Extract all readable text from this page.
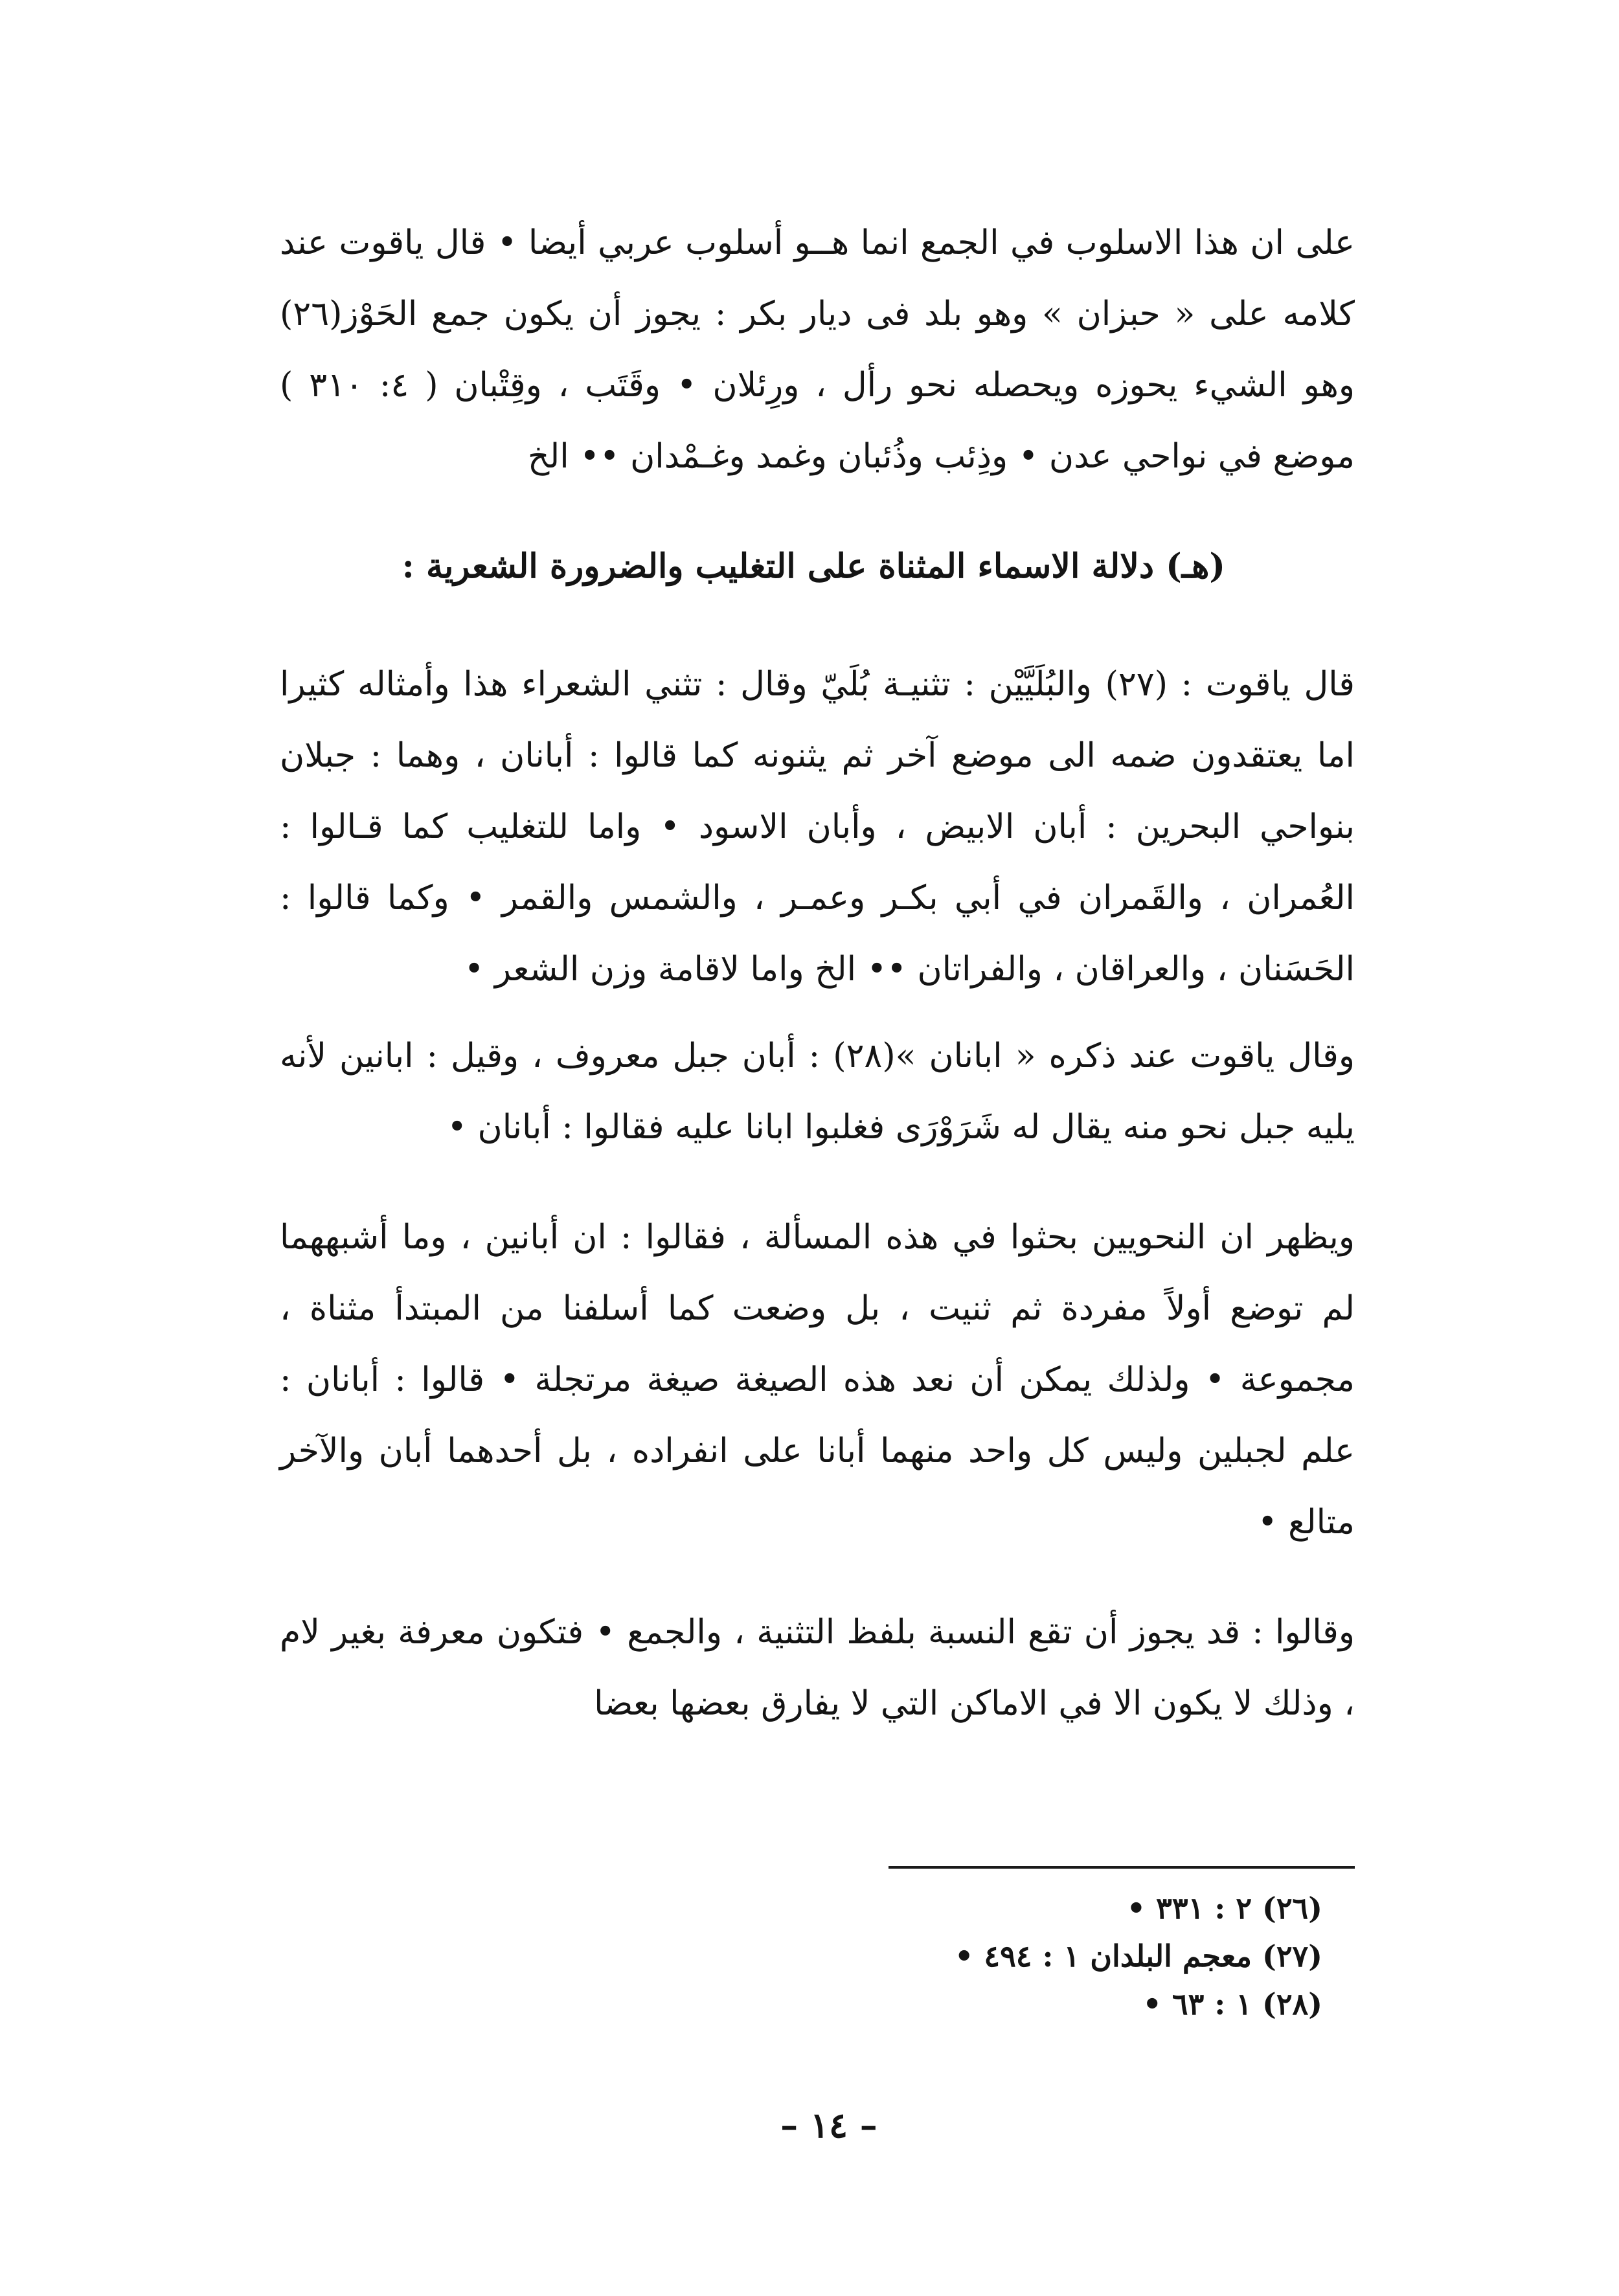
على ان هذا الاسلوب في الجمع انما هــو أسلوب عربي أيضا • قال ياقوت عند كلامه على « حبزان » وهو بلد فى ديار بكر : يجوز أن يكون جمع الحَوْز(٢٦) وهو الشيء يحوزه ويحصله نحو رأل ، ورِئلان • وقَتَب ، وقِتْبان ( ٤: ٣١٠ ) موضع في نواحي عدن • وذِئب وذُئبان وغمد وغـمْدان •• الخ

(هـ) دلالة الاسماء المثناة على التغليب والضرورة الشعرية :

قال ياقوت : (٢٧) والبُلَيَّيْن : تثنيـة بُلَيّ وقال : تثني الشعراء هذا وأمثاله كثيرا اما يعتقدون ضمه الى موضع آخر ثم يثنونه كما قالوا : أبانان ، وهما : جبلان بنواحي البحرين : أبان الابيض ، وأبان الاسود • واما للتغليب كما قـالوا : العُمران ، والقَمران في أبي بكـر وعمـر ، والشمس والقمر • وكما قالوا : الحَسَنان ، والعراقان ، والفراتان •• الخ واما لاقامة وزن الشعر •

وقال ياقوت عند ذكره « ابانان »(٢٨) : أبان جبل معروف ، وقيل : ابانين لأنه يليه جبل نحو منه يقال له شَرَوْرَى فغلبوا ابانا عليه فقالوا : أبانان •

ويظهر ان النحويين بحثوا في هذه المسألة ، فقالوا : ان أبانين ، وما أشبههما لم توضع أولاً مفردة ثم ثنيت ، بل وضعت كما أسلفنا من المبتدأ مثناة ، مجموعة • ولذلك يمكن أن نعد هذه الصيغة صيغة مرتجلة • قالوا : أبانان : علم لجبلين وليس كل واحد منهما أبانا على انفراده ، بل أحدهما أبان والآخر متالع •

وقالوا : قد يجوز أن تقع النسبة بلفظ التثنية ، والجمع • فتكون معرفة بغير لام ، وذلك لا يكون الا في الاماكن التي لا يفارق بعضها بعضا

(٢٦) ٢ : ٣٣١ •

(٢٧) معجم البلدان ١ : ٤٩٤ •

(٢٨) ١ : ٦٣ •

– ١٤ –
